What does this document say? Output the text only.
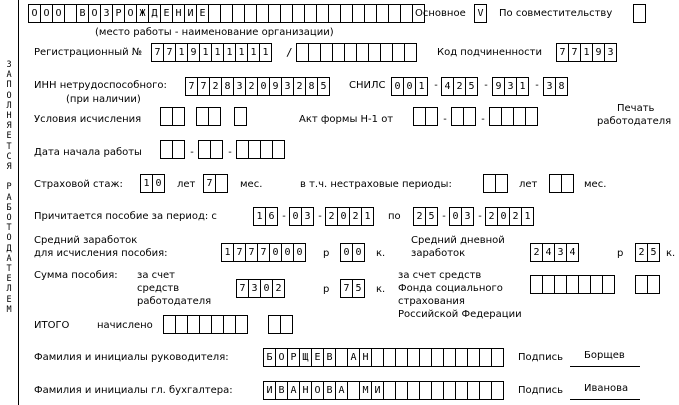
З
А
П
О
Л
Н
Я
Е
Т
С
Я

Р
А
Б
О
Т
О
Д
А
Т
Е
Л
Е
М
О О О	В О З Р О Ж Д Е Н И Е
(место работы - наименование организации)
Основное	V	По совместительству
Регистрационный №	7 7 1 9 1 1 1 1 1 1	/	Код подчиненности	7 7 1 9 3
ИНН нетрудоспособного:
(при наличии)
7 7 2 8 3 2 0 9 3 2 8 5	СНИЛС 0 0 1 - 4 2 5 - 9 3 1 - 3 8
Печать
работодателя
Условия исчисления	Акт формы Н-1 от	-	-
Дата начала работы	-	-
Страховой стаж:	1 0	лет	7	мес.	в т.ч. нестраховые периоды:	лет	мес.
Причитается пособие за период: с	1 6 - 0 3 - 2 0 2 1	по	2 5 - 0 3 - 2 0 2 1
Средний заработок
для исчисления пособия:	1 7 7 7 0 0 0	р	0 0	к.
Средний дневной
заработок	2 4 3 4	р	2 5 к.
Сумма пособия: за счет
средств
работодателя
7 3 0 2	р	7 5	к.
за счет средств
Фонда социального
страхования
Российской Федерации
ИТОГО	начислено
Фамилия и инициалы руководителя:	Б О Р Щ Е В	А Н	Подпись Борщев
Фамилия и инициалы гл. бухгалтера:	И В А Н О В А	М И	Подпись Иванова
